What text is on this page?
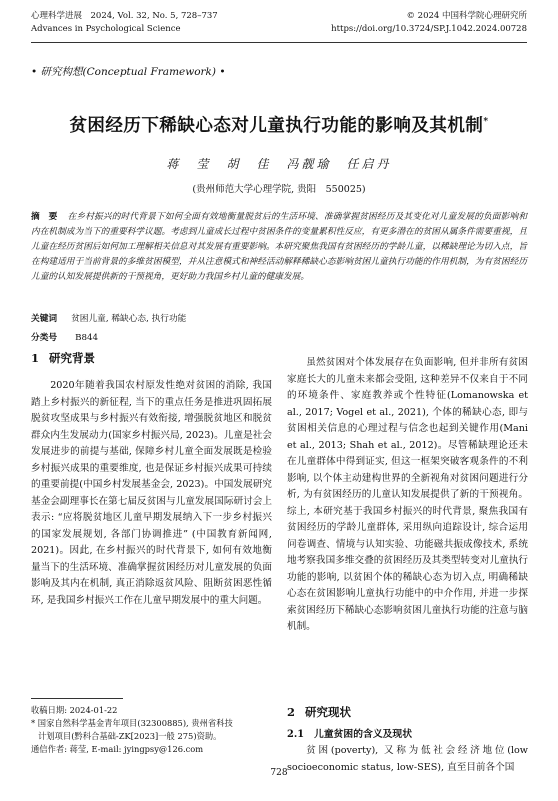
心理科学进展　2024, Vol. 32, No. 5, 728–737
Advances in Psychological Science
© 2024 中国科学院心理研究所
https://doi.org/10.3724/SP.J.1042.2024.00728
• 研究构想(Conceptual Framework) •
贫困经历下稀缺心态对儿童执行功能的影响及其机制*
蒋　莹　胡　佳　冯靓瑜　任启丹
(贵州师范大学心理学院, 贵阳　550025)
摘　要 在乡村振兴的时代背景下如何全面有效地衡量脱贫后的生活环境、准确掌握贫困经历及其变化对儿童发展的负面影响和内在机制成为当下的重要科学议题。考虑到儿童成长过程中贫困条件的变量累积性反应，有更多潜在的贫困从属条件需要重视，且儿童在经历贫困后如何加工理解相关信息对其发展有重要影响。本研究聚焦我国有贫困经历的学龄儿童，以稀缺理论为切入点，旨在构建适用于当前背景的多维贫困模型，并从注意模式和神经活动解释稀缺心态影响贫困儿童执行功能的作用机制，为有贫困经历儿童的认知发展提供新的干预视角，更好助力我国乡村儿童的健康发展。
关键词 贫困儿童, 稀缺心态, 执行功能
分类号 B844
1 研究背景

2020年随着我国农村原发性绝对贫困的消除, 我国踏上乡村振兴的新征程, 当下的重点任务是推进巩固拓展脱贫攻坚成果与乡村振兴有效衔接, 增强脱贫地区和脱贫群众内生发展动力(国家乡村振兴局, 2023)。儿童是社会发展进步的前提与基础, 保障乡村儿童全面发展既是检验乡村振兴成果的重要维度, 也是保证乡村振兴成果可持续的重要前提(中国乡村发展基金会, 2023)。中国发展研究基金会副理事长在第七届反贫困与儿童发展国际研讨会上表示: “应将脱贫地区儿童早期发展纳入下一步乡村振兴的国家发展规划, 各部门协调推进” (中国教育新闻网, 2021)。因此, 在乡村振兴的时代背景下, 如何有效地衡量当下的生活环境、准确掌握贫困经历对儿童发展的负面影响及其内在机制, 真正消除返贫风险、阻断贫困恶性循环, 是我国乡村振兴工作在儿童早期发展中的重大问题。

收稿日期: 2024-01-22
* 国家自然科学基金青年项目(32300885), 贵州省科技
计划项目(黔科合基础-ZK[2023]一般 275)资助。
通信作者: 蒋莹, E-mail: jyingpsy@126.com

虽然贫困对个体发展存在负面影响, 但并非所有贫困家庭长大的儿童未来都会受阻, 这种差异不仅来自于不同的环境条件、家庭教养或个性特征(Lomanowska et al., 2017; Vogel et al., 2021), 个体的稀缺心态, 即与贫困相关信息的心理过程与信念也起到关键作用(Mani et al., 2013; Shah et al., 2012)。尽管稀缺理论还未在儿童群体中得到证实, 但这一框架突破客观条件的不利影响, 以个体主动建构世界的全新视角对贫困问题进行分析, 为有贫困经历的儿童认知发展提供了新的干预视角。综上, 本研究基于我国乡村振兴的时代背景, 聚焦我国有贫困经历的学龄儿童群体, 采用纵向追踪设计, 综合运用问卷调查、情境与认知实验、功能磁共振成像技术, 系统地考察我国多维交叠的贫困经历及其类型转变对儿童执行功能的影响, 以贫困个体的稀缺心态为切入点, 明确稀缺心态在贫困影响儿童执行功能中的中介作用, 并进一步探索贫困经历下稀缺心态影响贫困儿童执行功能的注意与脑机制。

2 研究现状
2.1 儿童贫困的含义及现状

贫困(poverty), 又称为低社会经济地位(low socioeconomic status, low-SES), 直至目前各个国

728
